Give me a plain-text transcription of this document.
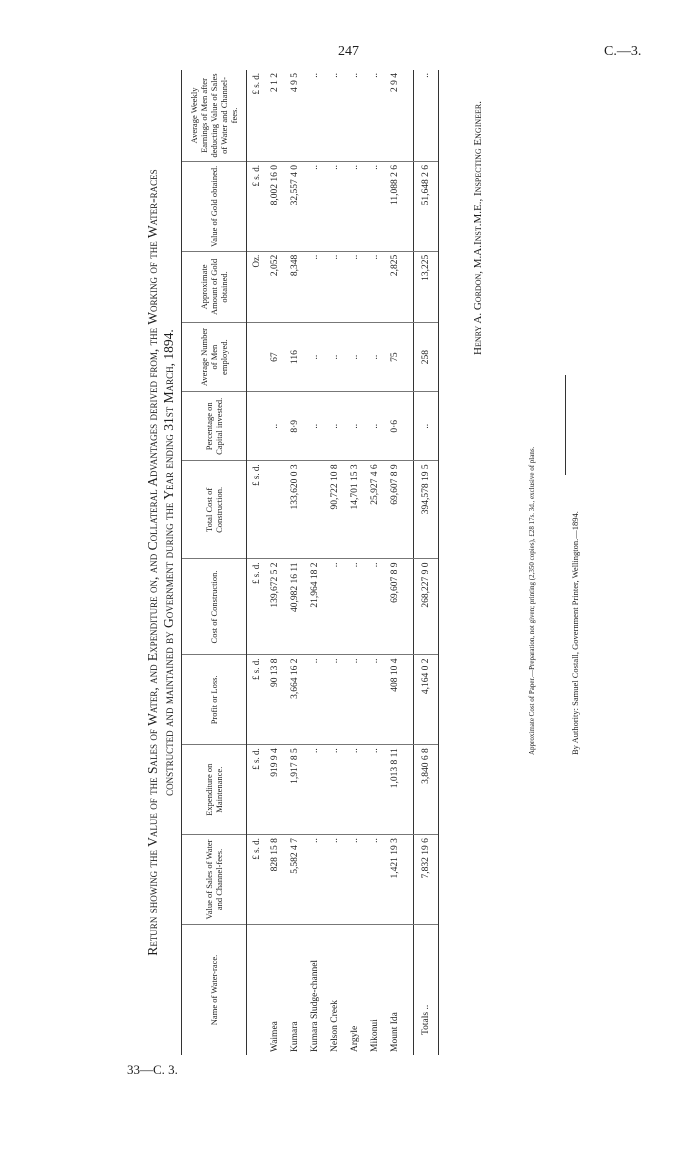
247	C.—3.
33—C. 3.
Return showing the Value of the Sales of Water, and Expenditure on, and Collateral Advantages derived from, the Working of the Water-races constructed and maintained by Government during the Year ending 31st March, 1894.
Name of Water-race.	Value of Sales of Water and Channel-fees.	Expenditure on Maintenance.	Profit or Loss.	Cost of Construction.	Total Cost of Construction.	Percentage on Capital invested.	Average Number of Men employed.	Approximate Amount of Gold obtained.	Value of Gold obtained.	Average Weekly Earnings of Men after deducting Value of Sales of Water and Channel-fees.
	£ s. d.	£ s. d.	£ s. d.	£ s. d.	£ s. d.			Oz.	£ s. d.	£ s. d.
Waimea	828 15 8	919 9 4	90 13 8	139,672 5 2		..	67	2,052	8,002 16 0	2 1 2
Kumara	5,582 4 7	1,917 8 5	3,664 16 2	40,982 16 11	133,620 0 3	8·9	116	8,348	32,557 4 0	4 9 5
Kumara Sludge-channel	..	..	..	21,964 18 2		..	..	..	..	..
Nelson Creek	..	..	..	..	90,722 10 8	..	..	..	..	..
Argyle	..	..	..	..	14,701 15 3	..	..	..	..	..
Mikonui	..	..	..	..	25,927 4 6	..	..	..	..	..
Mount Ida	1,421 19 3	1,013 8 11	408 10 4	69,607 8 9	69,607 8 9	0·6	75	2,825	11,088 2 6	2 9 4

Totals ..	7,832 19 6	3,840 6 8	4,164 0 2	268,227 9 0	394,578 19 5	..	258	13,225	51,648 2 6	..
Henry A. Gordon, M.A.Inst.M.E., Inspecting Engineer.
Approximate Cost of Paper.—Preparation, not given; printing (2,350 copies), £28 17s. 3d., exclusive of plans.	By Authority: Samuel Costall, Government Printer, Wellington.—1894.
